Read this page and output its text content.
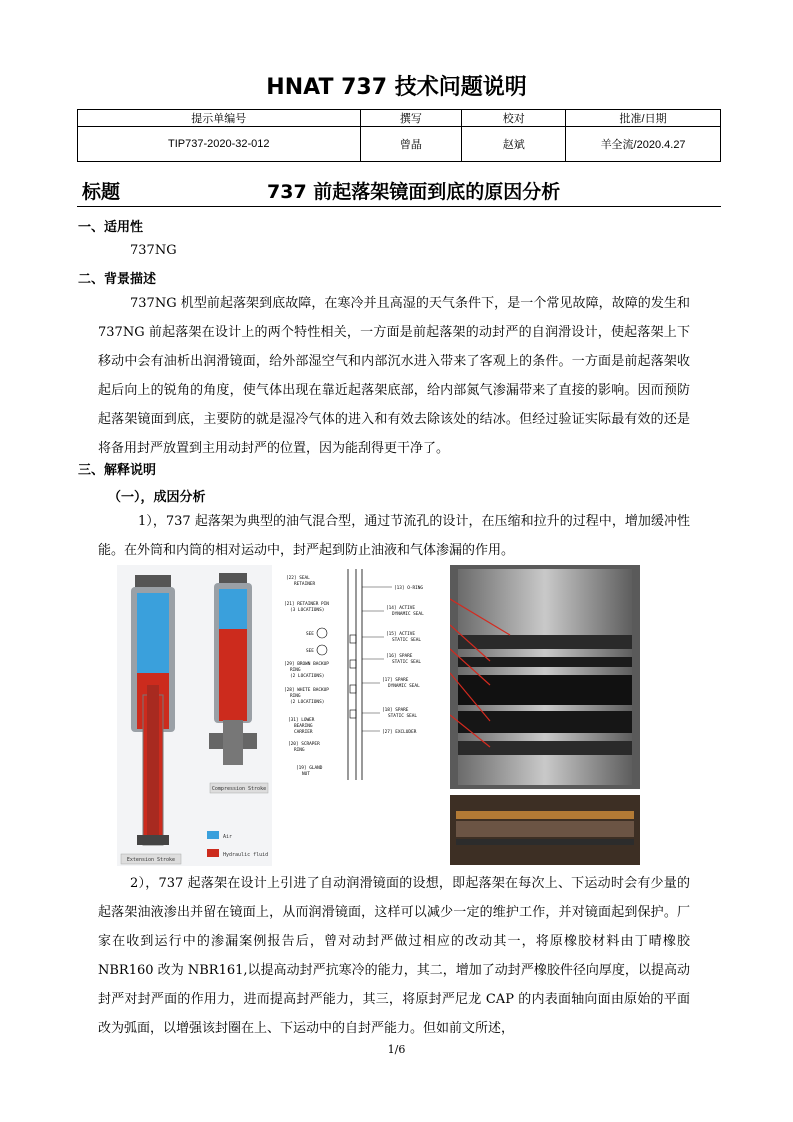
HNAT 737 技术问题说明
提示单编号	撰写	校对	批准/日期
TIP737-2020-32-012	曾晶	赵斌	羊全流/2020.4.27
标题	737 前起落架镜面到底的原因分析
一、适用性
737NG
二、背景描述
737NG 机型前起落架到底故障，在寒冷并且高湿的天气条件下，是一个常见故障，故障的发生和 737NG 前起落架在设计上的两个特性相关，一方面是前起落架的动封严的自润滑设计，使起落架上下移动中会有油析出润滑镜面，给外部湿空气和内部沉水进入带来了客观上的条件。一方面是前起落架收起后向上的锐角的角度，使气体出现在靠近起落架底部，给内部氮气渗漏带来了直接的影响。因而预防起落架镜面到底，主要防的就是湿冷气体的进入和有效去除该处的结冰。但经过验证实际最有效的还是将备用封严放置到主用动封严的位置，因为能刮得更干净了。
三、解释说明
（一），成因分析
1），737 起落架为典型的油气混合型，通过节流孔的设计，在压缩和拉升的过程中，增加缓冲性能。在外筒和内筒的相对运动中，封严起到防止油液和气体渗漏的作用。
Compression Stroke
Extension Stroke
Air
Hydraulic fluid
[22] SEAL
RETAINER
[21] RETAINER PIN
(3 LOCATIONS)
SEE
SEE
[29] BROWN BACKUP
RING
(2 LOCATIONS)
[28] WHITE BACKUP
RING
(2 LOCATIONS)
[31] LOWER
BEARING
CARRIER
[20] SCRAPER
RING
[19] GLAND
NUT
[13] O-RING
[14] ACTIVE
DYNAMIC SEAL
[15] ACTIVE
STATIC SEAL
[16] SPARE
STATIC SEAL
[17] SPARE
DYNAMIC SEAL
[18] SPARE
STATIC SEAL
[27] EXCLUDER
2），737 起落架在设计上引进了自动润滑镜面的设想，即起落架在每次上、下运动时会有少量的起落架油液渗出并留在镜面上，从而润滑镜面，这样可以减少一定的维护工作，并对镜面起到保护。厂家在收到运行中的渗漏案例报告后，曾对动封严做过相应的改动其一，将原橡胶材料由丁晴橡胶 NBR160 改为 NBR161,以提高动封严抗寒冷的能力，其二，增加了动封严橡胶件径向厚度，以提高动封严对封严面的作用力，进而提高封严能力，其三，将原封严尼龙 CAP 的内表面轴向面由原始的平面改为弧面，以增强该封圈在上、下运动中的自封严能力。但如前文所述，
1/6
